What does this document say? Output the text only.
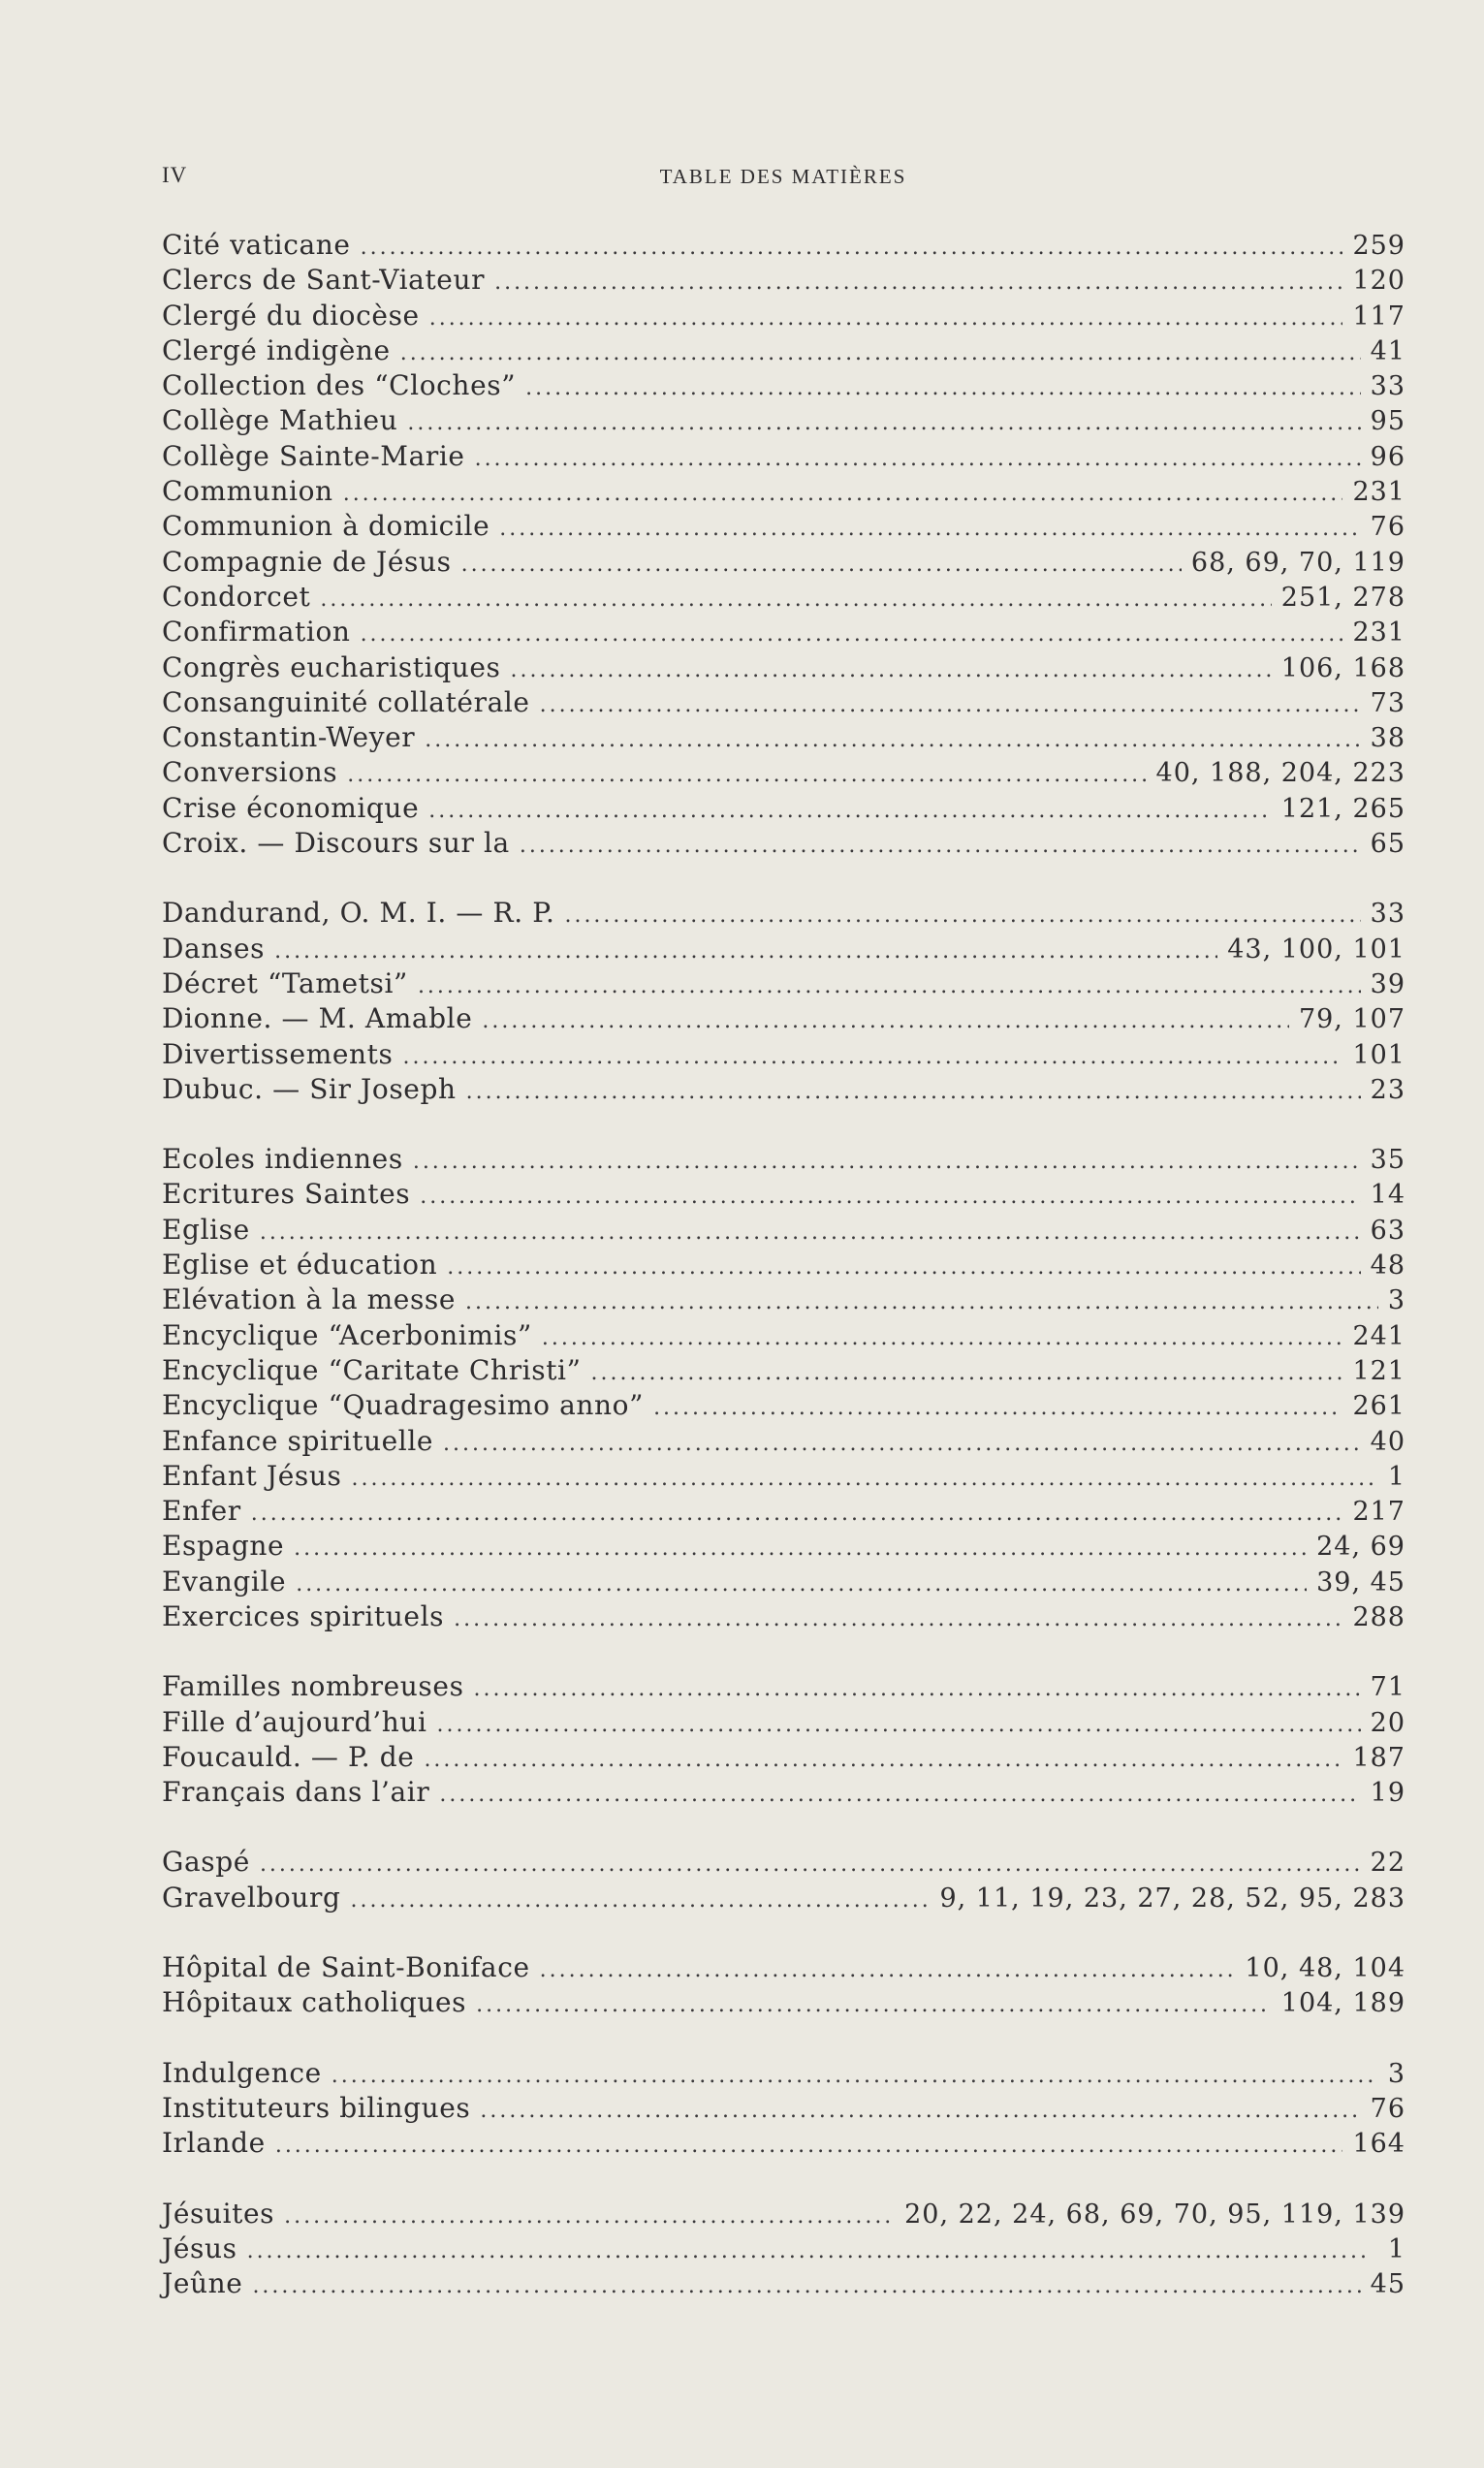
IV	TABLE DES MATIÈRES
Cité vaticane . . .	259
Clercs de Sant-Viateur . . .	120
Clergé du diocèse . . .	117
Clergé indigène . . .	41
Collection des “Cloches” . . .	33
Collège Mathieu . . .	95
Collège Sainte-Marie . . .	96
Communion . . .	231
Communion à domicile . . .	76
Compagnie de Jésus . . .	68, 69, 70, 119
Condorcet . . .	251, 278
Confirmation . . .	231
Congrès eucharistiques . . .	106, 168
Consanguinité collatérale . . .	73
Constantin-Weyer . . .	38
Conversions . . .	40, 188, 204, 223
Crise économique . . .	121, 265
Croix. — Discours sur la . . .	65
Dandurand, O. M. I. — R. P. . . .	33
Danses . . .	43, 100, 101
Décret “Tametsi” . . .	39
Dionne. — M. Amable . . .	79, 107
Divertissements . . .	101
Dubuc. — Sir Joseph . . .	23
Ecoles indiennes . . .	35
Ecritures Saintes . . .	14
Eglise . . .	63
Eglise et éducation . . .	48
Elévation à la messe . . .	3
Encyclique “Acerbonimis” . . .	241
Encyclique “Caritate Christi” . . .	121
Encyclique “Quadragesimo anno” . . .	261
Enfance spirituelle . . .	40
Enfant Jésus . . .	1
Enfer . . .	217
Espagne . . .	24, 69
Evangile . . .	39, 45
Exercices spirituels . . .	288
Familles nombreuses . . .	71
Fille d’aujourd’hui . . .	20
Foucauld. — P. de . . .	187
Français dans l’air . . .	19
Gaspé . . .	22
Gravelbourg . . .	9, 11, 19, 23, 27, 28, 52, 95, 283
Hôpital de Saint-Boniface . . .	10, 48, 104
Hôpitaux catholiques . . .	104, 189
Indulgence . . .	3
Instituteurs bilingues . . .	76
Irlande . . .	164
Jésuites . . .	20, 22, 24, 68, 69, 70, 95, 119, 139
Jésus . . .	1
Jeûne . . .	45
